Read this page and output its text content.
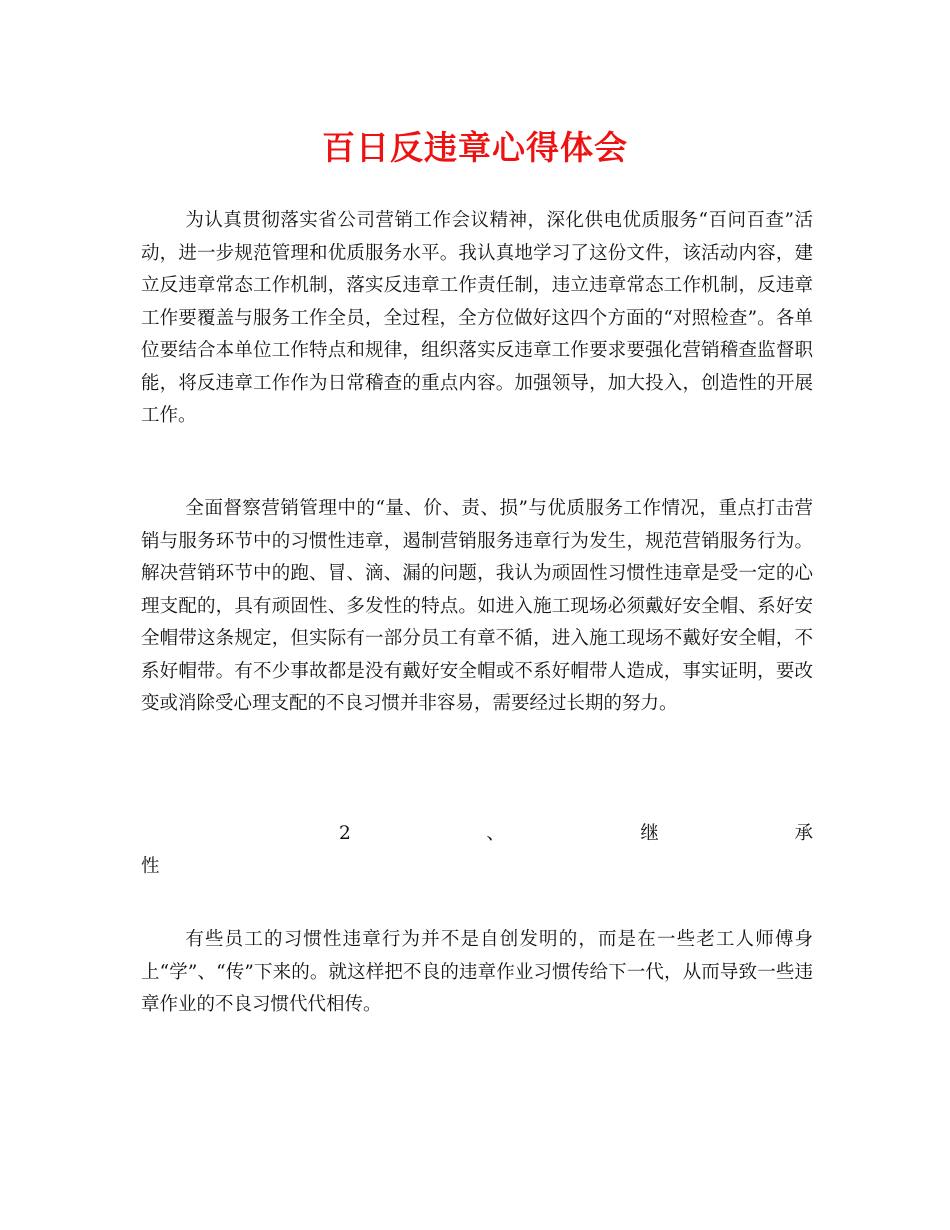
百日反违章心得体会

为认真贯彻落实省公司营销工作会议精神，深化供电优质服务“百问百查”活动，进一步规范管理和优质服务水平。我认真地学习了这份文件，该活动内容，建立反违章常态工作机制，落实反违章工作责任制，违立违章常态工作机制，反违章工作要覆盖与服务工作全员，全过程，全方位做好这四个方面的“对照检查”。各单位要结合本单位工作特点和规律，组织落实反违章工作要求要强化营销稽查监督职能，将反违章工作作为日常稽查的重点内容。加强领导，加大投入，创造性的开展工作。

全面督察营销管理中的“量、价、责、损”与优质服务工作情况，重点打击营销与服务环节中的习惯性违章，遏制营销服务违章行为发生，规范营销服务行为。解决营销环节中的跑、冒、滴、漏的问题，我认为顽固性习惯性违章是受一定的心理支配的，具有顽固性、多发性的特点。如进入施工现场必须戴好安全帽、系好安全帽带这条规定，但实际有一部分员工有章不循，进入施工现场不戴好安全帽，不系好帽带。有不少事故都是没有戴好安全帽或不系好帽带人造成，事实证明，要改变或消除受心理支配的不良习惯并非容易，需要经过长期的努力。

2	、	继	承
性

有些员工的习惯性违章行为并不是自创发明的，而是在一些老工人师傅身上“学”、“传”下来的。就这样把不良的违章作业习惯传给下一代，从而导致一些违章作业的不良习惯代代相传。
